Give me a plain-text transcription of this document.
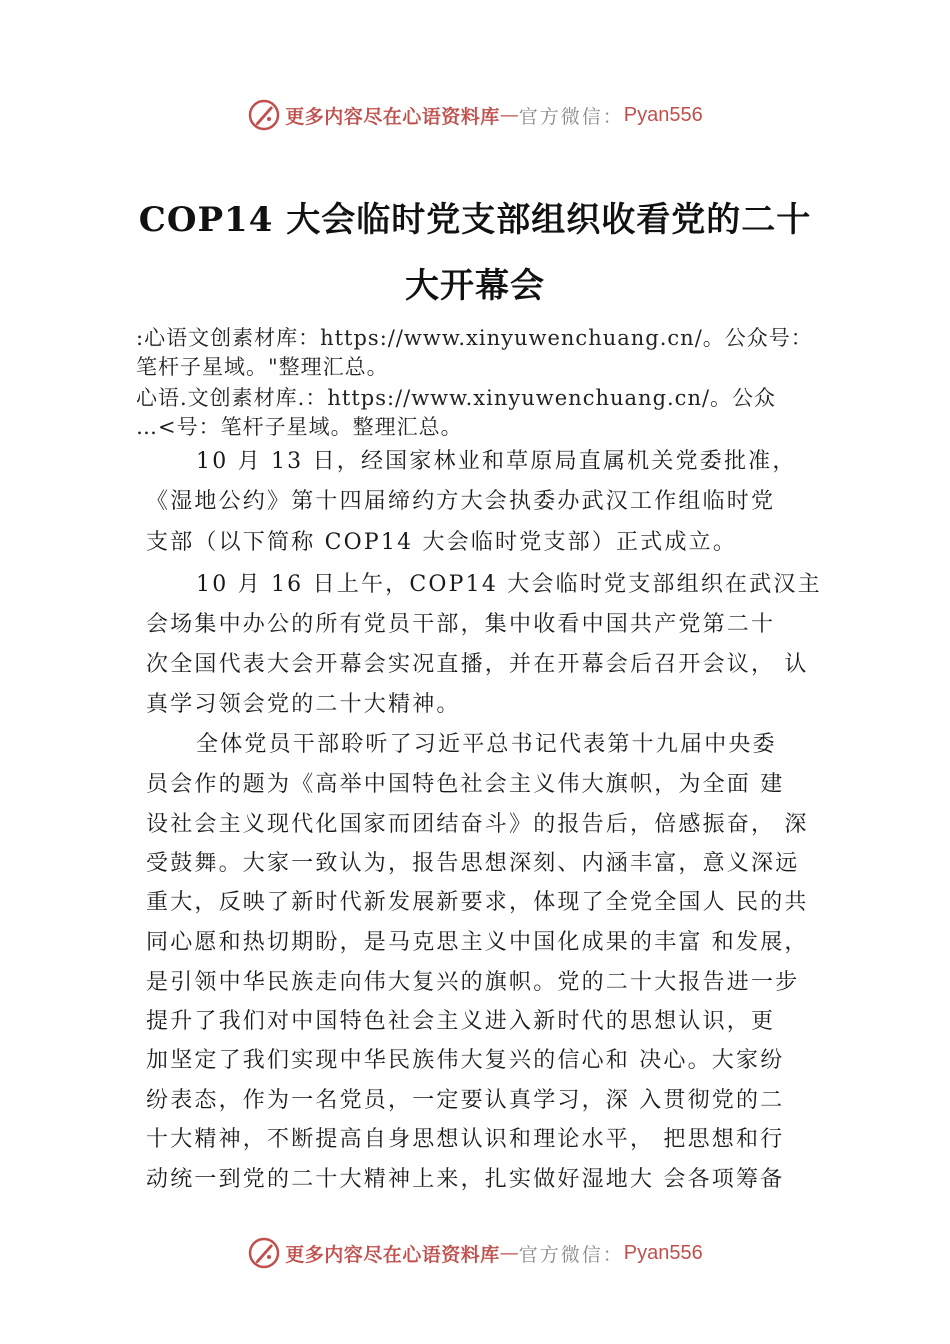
更多内容尽在心语资料库 — 官方微信： Pyan556
COP14 大会临时党支部组织收看党的二十
大开幕会
:心语文创素材库：https://www.xinyuwenchuang.cn/。公众号：
笔杆子星域。"整理汇总。
心语.文创素材库.：https://www.xinyuwenchuang.cn/。公众
…<号：笔杆子星域。整理汇总。
10 月 13 日，经国家林业和草原局直属机关党委批准，
《湿地公约》第十四届缔约方大会执委办武汉工作组临时党
支部（以下简称 COP14 大会临时党支部）正式成立。
10 月 16 日上午，COP14 大会临时党支部组织在武汉主
会场集中办公的所有党员干部，集中收看中国共产党第二十
次全国代表大会开幕会实况直播，并在开幕会后召开会议， 认
真学习领会党的二十大精神。
全体党员干部聆听了习近平总书记代表第十九届中央委
员会作的题为《高举中国特色社会主义伟大旗帜，为全面 建
设社会主义现代化国家而团结奋斗》的报告后，倍感振奋， 深
受鼓舞。大家一致认为，报告思想深刻、内涵丰富，意义深远
重大，反映了新时代新发展新要求，体现了全党全国人 民的共
同心愿和热切期盼，是马克思主义中国化成果的丰富 和发展，
是引领中华民族走向伟大复兴的旗帜。党的二十大报告进一步
提升了我们对中国特色社会主义进入新时代的思想认识，更
加坚定了我们实现中华民族伟大复兴的信心和 决心。大家纷
纷表态，作为一名党员，一定要认真学习，深 入贯彻党的二
十大精神，不断提高自身思想认识和理论水平， 把思想和行
动统一到党的二十大精神上来，扎实做好湿地大 会各项筹备
更多内容尽在心语资料库 — 官方微信： Pyan556
